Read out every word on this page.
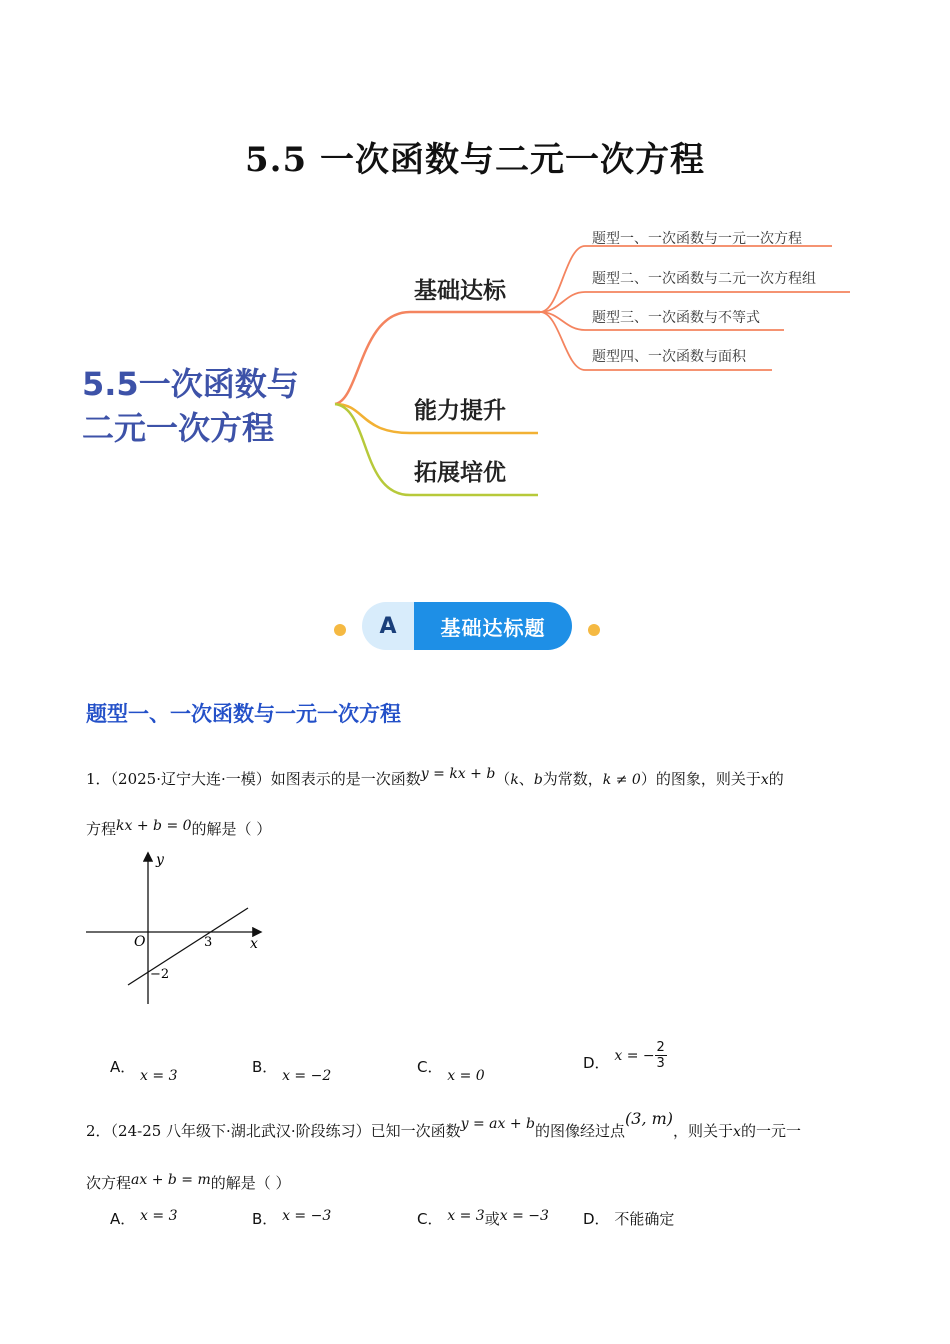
5.5 一次函数与二元一次方程
5.5一次函数与
二元一次方程
基础达标
能力提升
拓展培优
题型一、一次函数与一元一次方程
题型二、一次函数与二元一次方程组
题型三、一次函数与不等式
题型四、一次函数与面积
A	基础达标题
题型一、一次函数与一元一次方程
1．（2025·辽宁大连·一模）如图表示的是一次函数y = kx + b（k、b为常数，k ≠ 0）的图象，则关于x的
方程kx + b = 0的解是（ ）
y
x
O	3
−2
A． x = 3	B． x = −2	C． x = 0
D． x = − $\frac{2}{3}$
2．（24-25 八年级下·湖北武汉·阶段练习）已知一次函数y = ax + b的图像经过点(3, m)，则关于x的一元一
次方程ax + b = m的解是（ ）
A． x = 3	B． x = −3	C． x = 3或x = −3 D． 不能确定
